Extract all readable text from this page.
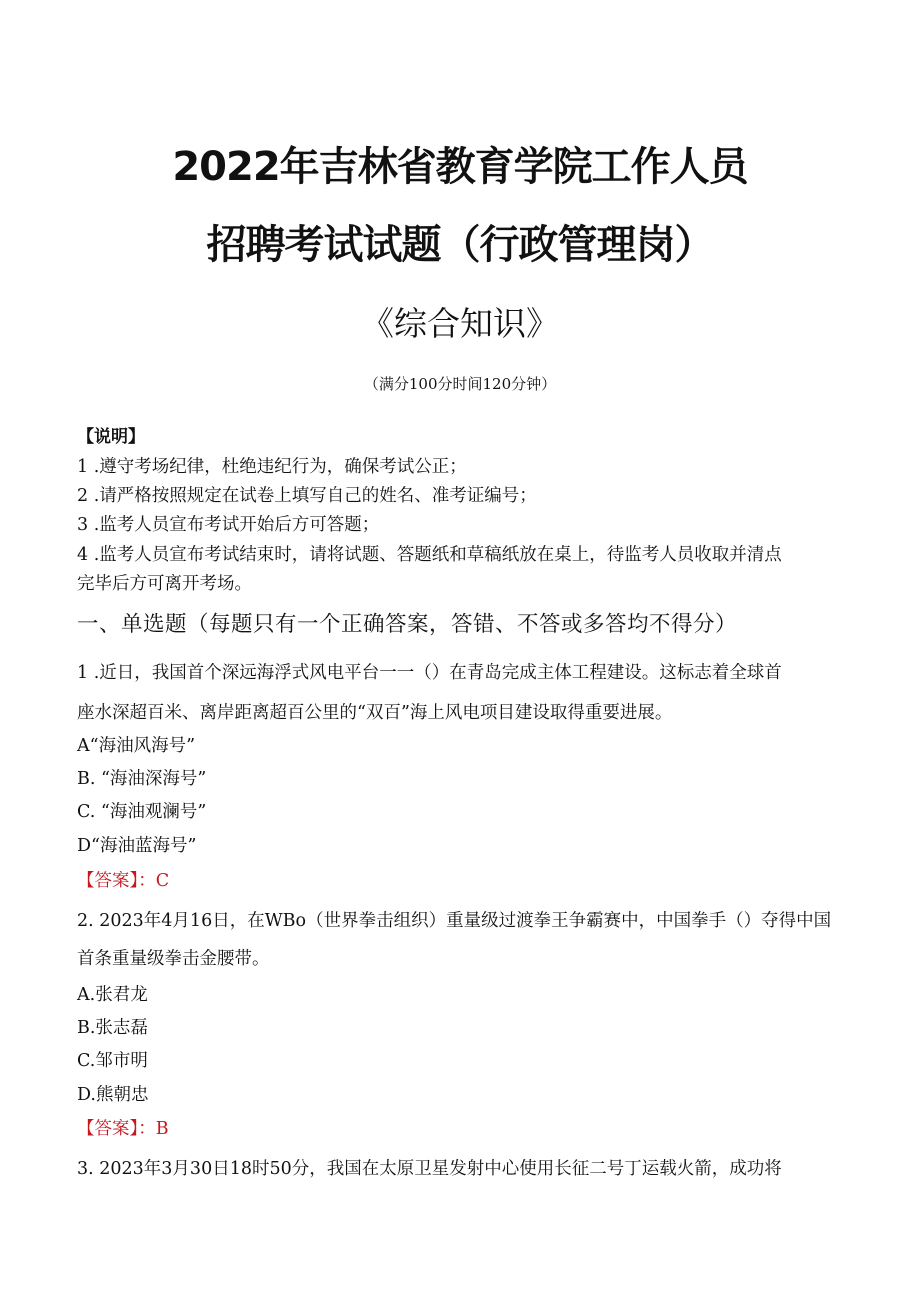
2022年吉林省教育学院工作人员
招聘考试试题（行政管理岗）
《综合知识》
（满分100分时间120分钟）
【说明】
1 .遵守考场纪律，杜绝违纪行为，确保考试公正；
2 .请严格按照规定在试卷上填写自己的姓名、准考证编号；
3 .监考人员宣布考试开始后方可答题；
4 .监考人员宣布考试结束时，请将试题、答题纸和草稿纸放在桌上，待监考人员收取并清点
完毕后方可离开考场。
一、单选题（每题只有一个正确答案，答错、不答或多答均不得分）
1 .近日，我国首个深远海浮式风电平台一一（）在青岛完成主体工程建设。这标志着全球首
座水深超百米、离岸距离超百公里的“双百”海上风电项目建设取得重要进展。
A“海油风海号”
B. “海油深海号”
C. “海油观澜号”
D“海油蓝海号”
【答案】：C
2. 2023年4月16日，在WBo（世界拳击组织）重量级过渡拳王争霸赛中，中国拳手（）夺得中国
首条重量级拳击金腰带。
A.张君龙
B.张志磊
C.邹市明
D.熊朝忠
【答案】：B
3. 2023年3月30日18时50分，我国在太原卫星发射中心使用长征二号丁运载火箭，成功将
